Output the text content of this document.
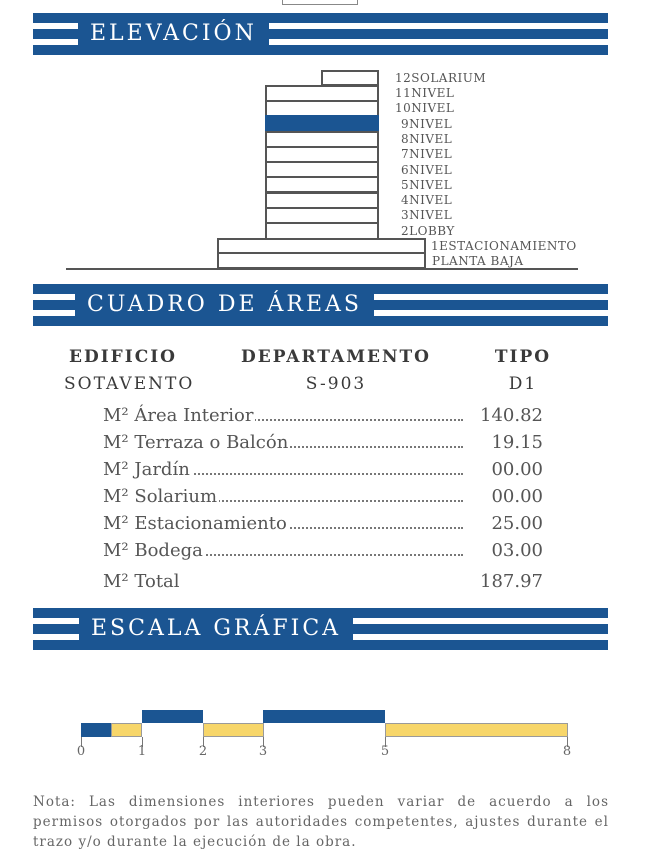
ELEVACIÓN
12SOLARIUM
11NIVEL
10NIVEL
9NIVEL
8NIVEL
7NIVEL
6NIVEL
5NIVEL
4NIVEL
3NIVEL
2LOBBY
1ESTACIONAMIENTO
PLANTA BAJA
CUADRO DE ÁREAS
EDIFICIO	DEPARTAMENTO	TIPO
SOTAVENTO	S-903	D1
M² Área Interior	140.82
M² Terraza o Balcón	19.15
M² Jardín	00.00
M² Solarium	00.00
M² Estacionamiento	25.00
M² Bodega	03.00
M² Total	187.97
ESCALA GRÁFICA
0	1	2	3	5	8
Nota: Las dimensiones interiores pueden variar de acuerdo a los permisos otorgados por las autoridades competentes, ajustes durante el trazo y/o durante la ejecución de la obra.
